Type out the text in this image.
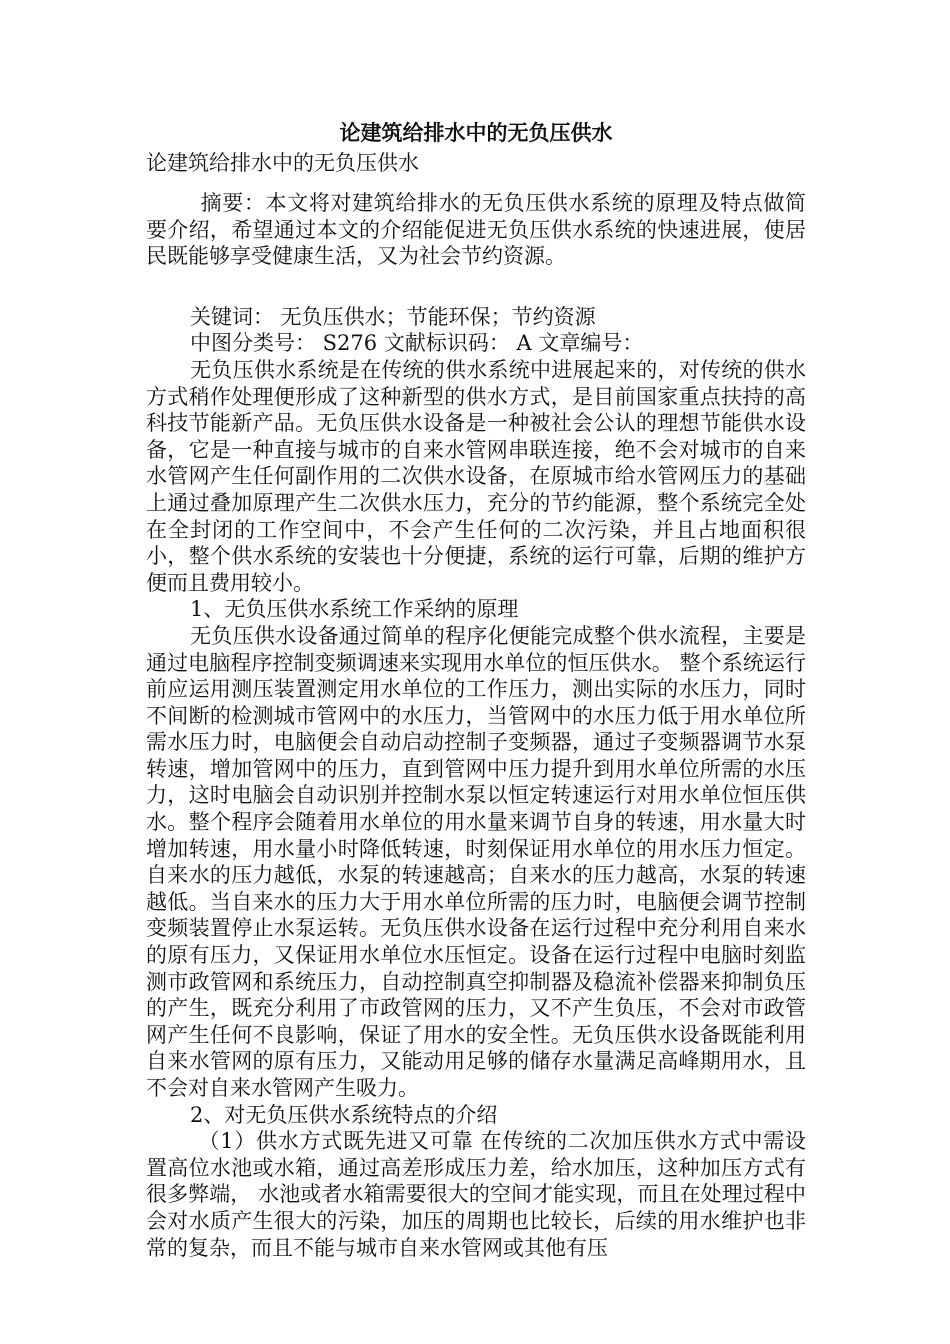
论建筑给排水中的无负压供水

论建筑给排水中的无负压供水

摘要：本文将对建筑给排水的无负压供水系统的原理及特点做简要介绍，希望通过本文的介绍能促进无负压供水系统的快速进展，使居民既能够享受健康生活，又为社会节约资源。

关键词： 无负压供水；节能环保；节约资源

中图分类号： S276 文献标识码： A 文章编号：

无负压供水系统是在传统的供水系统中进展起来的，对传统的供水方式稍作处理便形成了这种新型的供水方式，是目前国家重点扶持的高科技节能新产品。无负压供水设备是一种被社会公认的理想节能供水设备，它是一种直接与城市的自来水管网串联连接，绝不会对城市的自来水管网产生任何副作用的二次供水设备，在原城市给水管网压力的基础上通过叠加原理产生二次供水压力，充分的节约能源，整个系统完全处在全封闭的工作空间中，不会产生任何的二次污染，并且占地面积很小，整个供水系统的安装也十分便捷，系统的运行可靠，后期的维护方便而且费用较小。

1、无负压供水系统工作采纳的原理

无负压供水设备通过简单的程序化便能完成整个供水流程，主要是通过电脑程序控制变频调速来实现用水单位的恒压供水。 整个系统运行前应运用测压装置测定用水单位的工作压力，测出实际的水压力，同时不间断的检测城市管网中的水压力，当管网中的水压力低于用水单位所需水压力时，电脑便会自动启动控制子变频器，通过子变频器调节水泵转速，增加管网中的压力，直到管网中压力提升到用水单位所需的水压力，这时电脑会自动识别并控制水泵以恒定转速运行对用水单位恒压供水。整个程序会随着用水单位的用水量来调节自身的转速，用水量大时增加转速，用水量小时降低转速，时刻保证用水单位的用水压力恒定。自来水的压力越低，水泵的转速越高；自来水的压力越高，水泵的转速越低。当自来水的压力大于用水单位所需的压力时，电脑便会调节控制变频装置停止水泵运转。无负压供水设备在运行过程中充分利用自来水的原有压力，又保证用水单位水压恒定。设备在运行过程中电脑时刻监测市政管网和系统压力，自动控制真空抑制器及稳流补偿器来抑制负压的产生，既充分利用了市政管网的压力，又不产生负压，不会对市政管网产生任何不良影响，保证了用水的安全性。无负压供水设备既能利用自来水管网的原有压力，又能动用足够的储存水量满足高峰期用水，且不会对自来水管网产生吸力。

2、对无负压供水系统特点的介绍

（1）供水方式既先进又可靠 在传统的二次加压供水方式中需设置高位水池或水箱，通过高差形成压力差，给水加压，这种加压方式有很多弊端， 水池或者水箱需要很大的空间才能实现，而且在处理过程中会对水质产生很大的污染，加压的周期也比较长，后续的用水维护也非常的复杂，而且不能与城市自来水管网或其他有压
